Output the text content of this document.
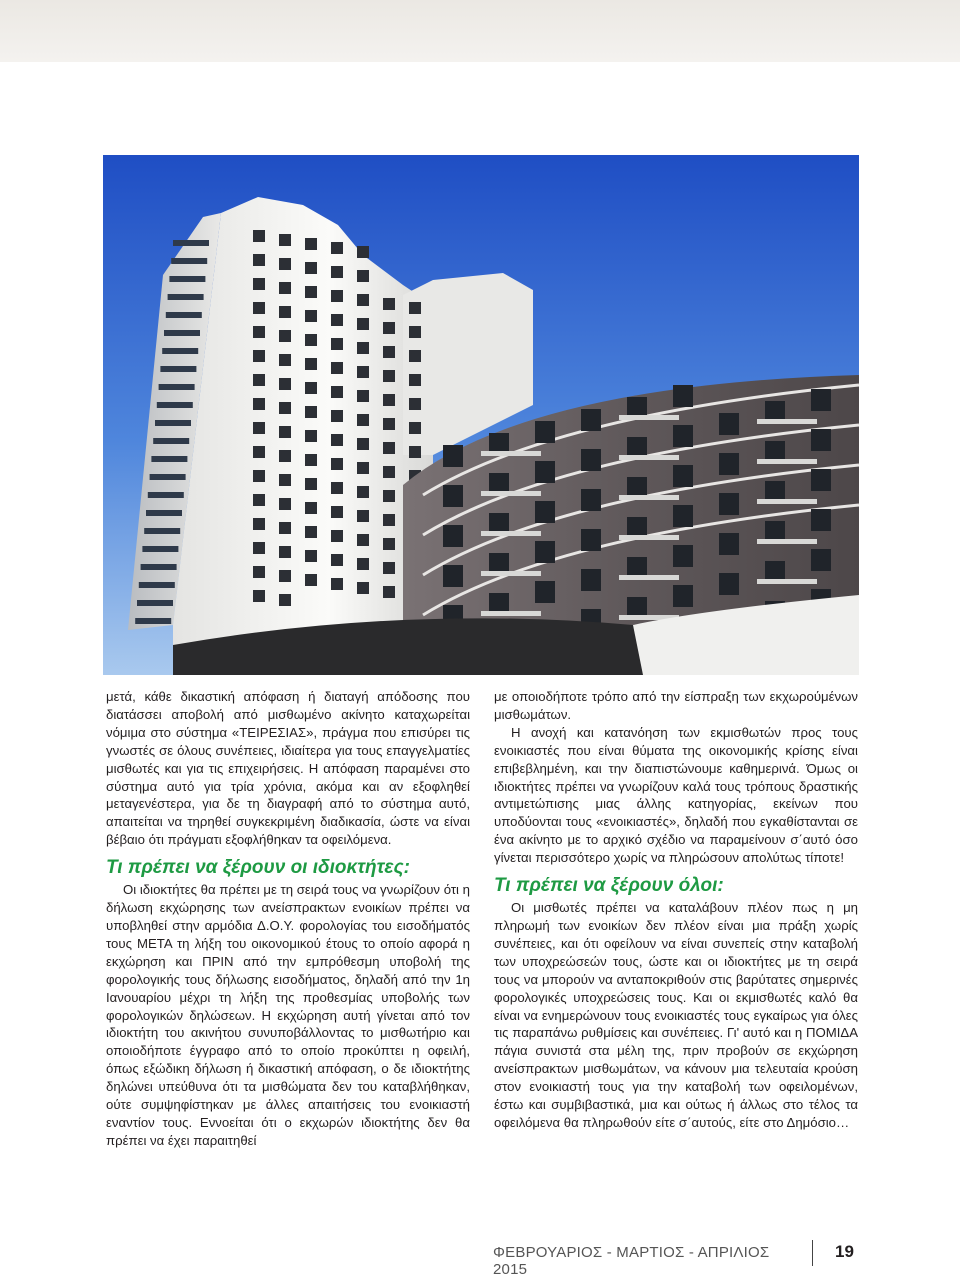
μετά, κάθε δικαστική απόφαση ή διαταγή απόδοσης που διατάσσει αποβολή από μισθωμένο ακίνητο καταχωρείται νόμιμα στο σύστημα «ΤΕΙΡΕΣΙΑΣ», πράγμα που επισύρει τις γνωστές σε όλους συνέπειες, ιδιαίτερα για τους επαγγελματίες μισθωτές και για τις επιχειρήσεις. Η απόφαση παραμένει στο σύστημα αυτό για τρία χρόνια, ακόμα και αν εξοφληθεί μεταγενέστερα, για δε τη διαγραφή από το σύστημα αυτό, απαιτείται να τηρηθεί συγκεκριμένη διαδικασία, ώστε να είναι βέβαιο ότι πράγματι εξοφλήθηκαν τα οφειλόμενα.

Τι πρέπει να ξέρουν οι ιδιοκτήτες:

Οι ιδιοκτήτες θα πρέπει με τη σειρά τους να γνωρίζουν ότι η δήλωση εκχώρησης των ανείσπρακτων ενοικίων πρέπει να υποβληθεί στην αρμόδια Δ.Ο.Υ. φορολογίας του εισοδήματός τους ΜΕΤΑ τη λήξη του οικονομικού έτους το οποίο αφορά η εκχώρηση και ΠΡΙΝ από την εμπρόθεσμη υποβολή της φορολογικής τους δήλωσης εισοδήματος, δηλαδή από την 1η Ιανουαρίου μέχρι τη λήξη της προθεσμίας υποβολής των φορολογικών δηλώσεων. Η εκχώρηση αυτή γίνεται από τον ιδιοκτήτη του ακινήτου συνυποβάλλοντας το μισθωτήριο και οποιοδήποτε έγγραφο από το οποίο προκύπτει η οφειλή, όπως εξώδικη δήλωση ή δικαστική απόφαση, ο δε ιδιοκτήτης δηλώνει υπεύθυνα ότι τα μισθώματα δεν του καταβλήθηκαν, ούτε συμψηφίστηκαν με άλλες απαιτήσεις του ενοικιαστή εναντίον τους. Εννοείται ότι ο εκχωρών ιδιοκτήτης δεν θα πρέπει να έχει παραιτηθεί

με οποιοδήποτε τρόπο από την είσπραξη των εκχωρούμένων μισθωμάτων.

Η ανοχή και κατανόηση των εκμισθωτών προς τους ενοικιαστές που είναι θύματα της οικονομικής κρίσης είναι επιβεβλημένη, και την διαπιστώνουμε καθημερινά. Όμως οι ιδιοκτήτες πρέπει να γνωρίζουν καλά τους τρόπους δραστικής αντιμετώπισης μιας άλλης κατηγορίας, εκείνων που υποδύονται τους «ενοικιαστές», δηλαδή που εγκαθίστανται σε ένα ακίνητο με το αρχικό σχέδιο να παραμείνουν σ΄αυτό όσο γίνεται περισσότερο χωρίς να πληρώσουν απολύτως τίποτε!

Τι πρέπει να ξέρουν όλοι:

Οι μισθωτές πρέπει να καταλάβουν πλέον πως η μη πληρωμή των ενοικίων δεν πλέον είναι μια πράξη χωρίς συνέπειες, και ότι οφείλουν να είναι συνεπείς στην καταβολή των υποχρεώσεών τους, ώστε και οι ιδιοκτήτες με τη σειρά τους να μπορούν να ανταποκριθούν στις βαρύτατες σημερινές φορολογικές υποχρεώσεις τους. Και οι εκμισθωτές καλό θα είναι να ενημερώνουν τους ενοικιαστές τους εγκαίρως για όλες τις παραπάνω ρυθμίσεις και συνέπειες. Γι' αυτό και η ΠΟΜΙΔΑ πάγια συνιστά στα μέλη της, πριν προβούν σε εκχώρηση ανείσπρακτων μισθωμάτων, να κάνουν μια τελευταία κρούση στον ενοικιαστή τους για την καταβολή των οφειλομένων, έστω και συμβιβαστικά, μια και ούτως ή άλλως στο τέλος τα οφειλόμενα θα πληρωθούν είτε σ΄αυτούς, είτε στο Δημόσιο…

ΦΕΒΡΟΥΑΡΙΟΣ - ΜΑΡΤΙΟΣ - ΑΠΡΙΛΙΟΣ 2015
19
